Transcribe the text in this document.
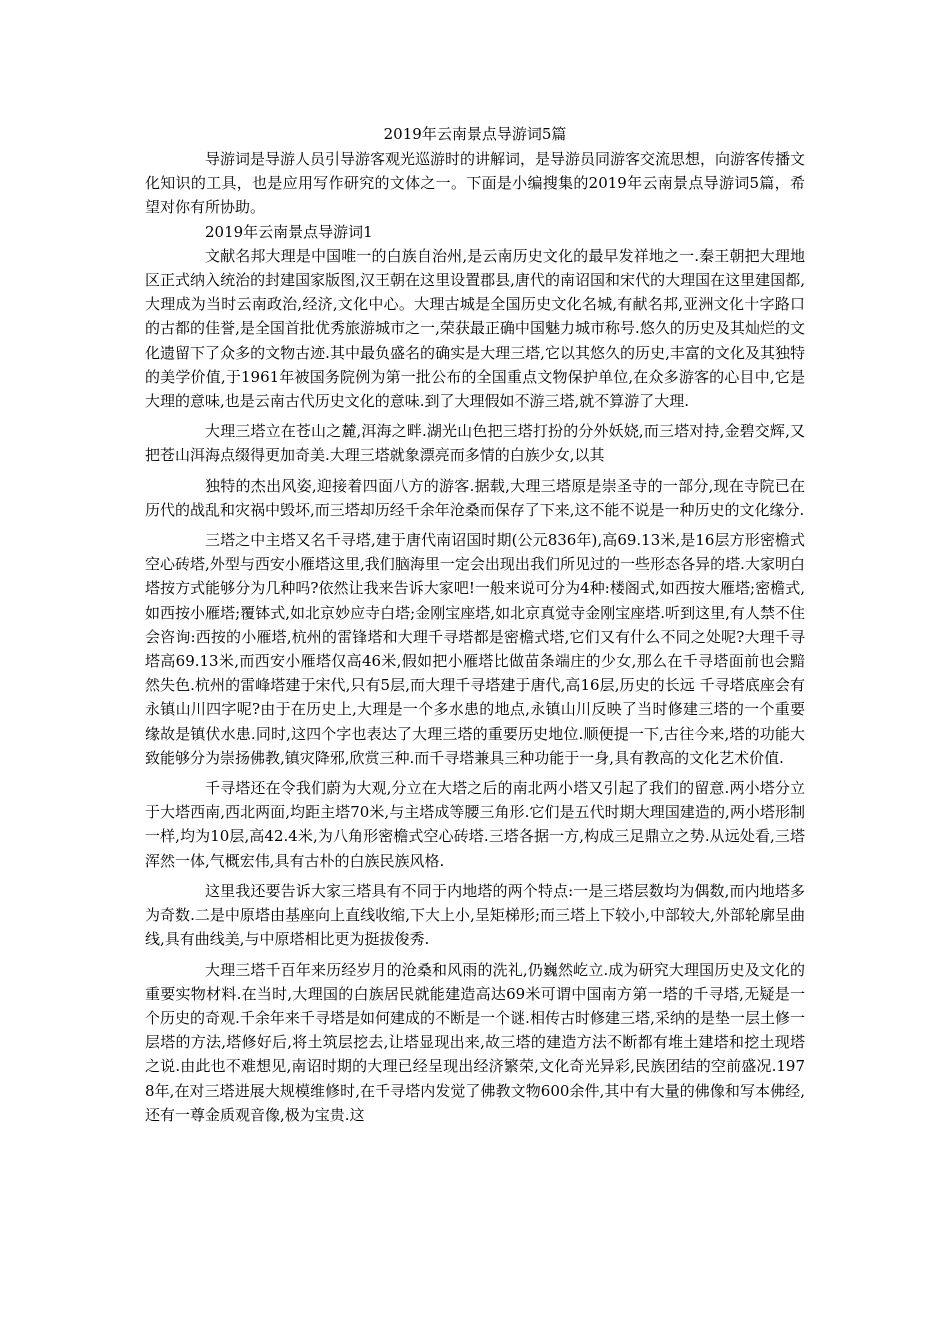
2019年云南景点导游词5篇

导游词是导游人员引导游客观光巡游时的讲解词，是导游员同游客交流思想，向游客传播文化知识的工具，也是应用写作研究的文体之一。下面是小编搜集的2019年云南景点导游词5篇，希望对你有所协助。

2019年云南景点导游词1

文献名邦大理是中国唯一的白族自治州,是云南历史文化的最早发祥地之一.秦王朝把大理地区正式纳入统治的封建国家版图,汉王朝在这里设置郡县,唐代的南诏国和宋代的大理国在这里建国都,大理成为当时云南政治,经济,文化中心。大理古城是全国历史文化名城,有献名邦,亚洲文化十字路口的古都的佳誉,是全国首批优秀旅游城市之一,荣获最正确中国魅力城市称号.悠久的历史及其灿烂的文化遗留下了众多的文物古迹.其中最负盛名的确实是大理三塔,它以其悠久的历史,丰富的文化及其独特的美学价值,于1961年被国务院例为第一批公布的全国重点文物保护单位,在众多游客的心目中,它是大理的意味,也是云南古代历史文化的意味.到了大理假如不游三塔,就不算游了大理.

大理三塔立在苍山之麓,洱海之畔.湖光山色把三塔打扮的分外妖娆,而三塔对持,金碧交辉,又把苍山洱海点缀得更加奇美.大理三塔就象漂亮而多情的白族少女,以其

独特的杰出风姿,迎接着四面八方的游客.据载,大理三塔原是崇圣寺的一部分,现在寺院已在历代的战乱和灾祸中毁坏,而三塔却历经千余年沧桑而保存了下来,这不能不说是一种历史的文化缘分.

三塔之中主塔又名千寻塔,建于唐代南诏国时期(公元836年),高69.13米,是16层方形密檐式空心砖塔,外型与西安小雁塔这里,我们脑海里一定会出现出我们所见过的一些形态各异的塔.大家明白塔按方式能够分为几种吗?依然让我来告诉大家吧!一般来说可分为4种:楼阁式,如西按大雁塔;密檐式,如西按小雁塔;覆钵式,如北京妙应寺白塔;金刚宝座塔,如北京真觉寺金刚宝座塔.听到这里,有人禁不住会咨询:西按的小雁塔,杭州的雷锋塔和大理千寻塔都是密檐式塔,它们又有什么不同之处呢?大理千寻塔高69.13米,而西安小雁塔仅高46米,假如把小雁塔比做苗条端庄的少女,那么在千寻塔面前也会黯然失色.杭州的雷峰塔建于宋代,只有5层,而大理千寻塔建于唐代,高16层,历史的长远 千寻塔底座会有永镇山川四字呢?由于在历史上,大理是一个多水患的地点,永镇山川反映了当时修建三塔的一个重要缘故是镇伏水患.同时,这四个字也表达了大理三塔的重要历史地位.顺便提一下,古往今来,塔的功能大致能够分为崇扬佛教,镇灾降邪,欣赏三种.而千寻塔兼具三种功能于一身,具有教高的文化艺术价值.

千寻塔还在令我们蔚为大观,分立在大塔之后的南北两小塔又引起了我们的留意.两小塔分立于大塔西南,西北两面,均距主塔70米,与主塔成等腰三角形.它们是五代时期大理国建造的,两小塔形制一样,均为10层,高42.4米,为八角形密檐式空心砖塔.三塔各据一方,构成三足鼎立之势.从远处看,三塔浑然一体,气概宏伟,具有古朴的白族民族风格.

这里我还要告诉大家三塔具有不同于内地塔的两个特点:一是三塔层数均为偶数,而内地塔多为奇数.二是中原塔由基座向上直线收缩,下大上小,呈矩梯形;而三塔上下较小,中部较大,外部轮廓呈曲线,具有曲线美,与中原塔相比更为挺拔俊秀.

大理三塔千百年来历经岁月的沧桑和风雨的洗礼,仍巍然屹立.成为研究大理国历史及文化的重要实物材料.在当时,大理国的白族居民就能建造高达69米可谓中国南方第一塔的千寻塔,无疑是一个历史的奇观.千余年来千寻塔是如何建成的不断是一个谜.相传古时修建三塔,采纳的是垫一层土修一层塔的方法,塔修好后,将土筑层挖去,让塔显现出来,故三塔的建造方法不断都有堆土建塔和挖土现塔之说.由此也不难想见,南诏时期的大理已经呈现出经济繁荣,文化奇光异彩,民族团结的空前盛况.1978年,在对三塔进展大规模维修时,在千寻塔内发觉了佛教文物600余件,其中有大量的佛像和写本佛经,还有一尊金质观音像,极为宝贵.这
